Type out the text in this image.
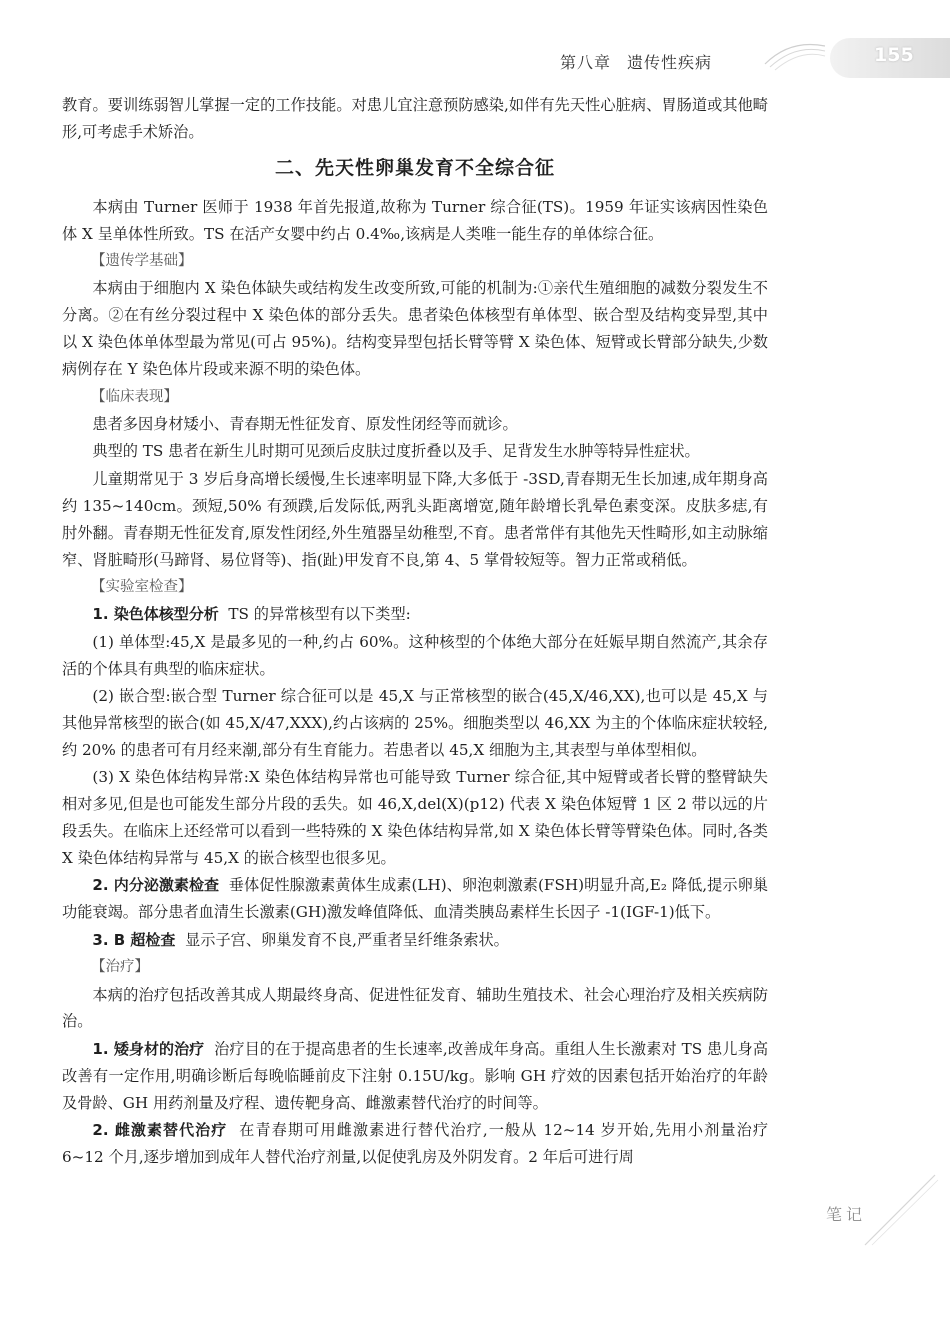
第八章 遗传性疾病	155

教育。要训练弱智儿掌握一定的工作技能。对患儿宜注意预防感染,如伴有先天性心脏病、胃肠道或其他畸形,可考虑手术矫治。

二、先天性卵巢发育不全综合征

本病由 Turner 医师于 1938 年首先报道,故称为 Turner 综合征(TS)。1959 年证实该病因性染色体 X 呈单体性所致。TS 在活产女婴中约占 0.4‰,该病是人类唯一能生存的单体综合征。

【遗传学基础】

本病由于细胞内 X 染色体缺失或结构发生改变所致,可能的机制为:①亲代生殖细胞的减数分裂发生不分离。②在有丝分裂过程中 X 染色体的部分丢失。患者染色体核型有单体型、嵌合型及结构变异型,其中以 X 染色体单体型最为常见(可占 95%)。结构变异型包括长臂等臂 X 染色体、短臂或长臂部分缺失,少数病例存在 Y 染色体片段或来源不明的染色体。

【临床表现】

患者多因身材矮小、青春期无性征发育、原发性闭经等而就诊。

典型的 TS 患者在新生儿时期可见颈后皮肤过度折叠以及手、足背发生水肿等特异性症状。

儿童期常见于 3 岁后身高增长缓慢,生长速率明显下降,大多低于 -3SD,青春期无生长加速,成年期身高约 135~140cm。颈短,50% 有颈蹼,后发际低,两乳头距离增宽,随年龄增长乳晕色素变深。皮肤多痣,有肘外翻。青春期无性征发育,原发性闭经,外生殖器呈幼稚型,不育。患者常伴有其他先天性畸形,如主动脉缩窄、肾脏畸形(马蹄肾、易位肾等)、指(趾)甲发育不良,第 4、5 掌骨较短等。智力正常或稍低。

【实验室检查】

1. 染色体核型分析 TS 的异常核型有以下类型:

(1) 单体型:45,X 是最多见的一种,约占 60%。这种核型的个体绝大部分在妊娠早期自然流产,其余存活的个体具有典型的临床症状。

(2) 嵌合型:嵌合型 Turner 综合征可以是 45,X 与正常核型的嵌合(45,X/46,XX),也可以是 45,X 与其他异常核型的嵌合(如 45,X/47,XXX),约占该病的 25%。细胞类型以 46,XX 为主的个体临床症状较轻,约 20% 的患者可有月经来潮,部分有生育能力。若患者以 45,X 细胞为主,其表型与单体型相似。

(3) X 染色体结构异常:X 染色体结构异常也可能导致 Turner 综合征,其中短臂或者长臂的整臂缺失相对多见,但是也可能发生部分片段的丢失。如 46,X,del(X)(p12) 代表 X 染色体短臂 1 区 2 带以远的片段丢失。在临床上还经常可以看到一些特殊的 X 染色体结构异常,如 X 染色体长臂等臂染色体。同时,各类 X 染色体结构异常与 45,X 的嵌合核型也很多见。

2. 内分泌激素检查 垂体促性腺激素黄体生成素(LH)、卵泡刺激素(FSH)明显升高,E₂ 降低,提示卵巢功能衰竭。部分患者血清生长激素(GH)激发峰值降低、血清类胰岛素样生长因子 -1(IGF-1)低下。

3. B 超检查 显示子宫、卵巢发育不良,严重者呈纤维条索状。

【治疗】

本病的治疗包括改善其成人期最终身高、促进性征发育、辅助生殖技术、社会心理治疗及相关疾病防治。

1. 矮身材的治疗 治疗目的在于提高患者的生长速率,改善成年身高。重组人生长激素对 TS 患儿身高改善有一定作用,明确诊断后每晚临睡前皮下注射 0.15U/kg。影响 GH 疗效的因素包括开始治疗的年龄及骨龄、GH 用药剂量及疗程、遗传靶身高、雌激素替代治疗的时间等。

2. 雌激素替代治疗 在青春期可用雌激素进行替代治疗,一般从 12~14 岁开始,先用小剂量治疗 6~12 个月,逐步增加到成年人替代治疗剂量,以促使乳房及外阴发育。2 年后可进行周

笔记
